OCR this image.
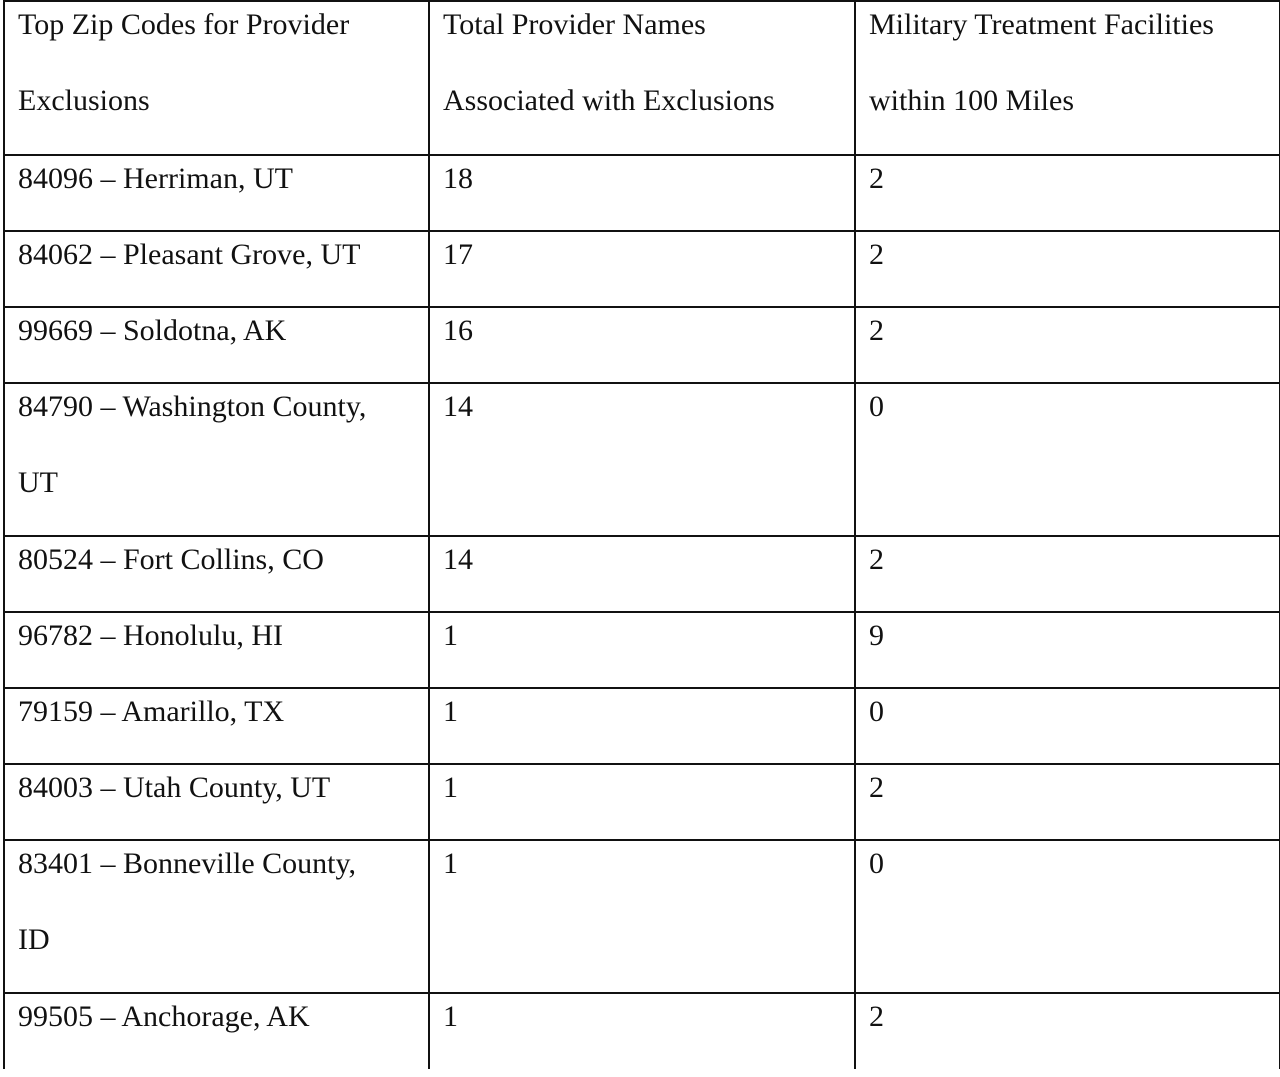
Top Zip Codes for Provider Exclusions	Total Provider Names Associated with Exclusions	Military Treatment Facilities within 100 Miles

84096 – Herriman, UT	18	2

84062 – Pleasant Grove, UT	17	2

99669 – Soldotna, AK	16	2

84790 – Washington County, UT	14	0

80524 – Fort Collins, CO	14	2

96782 – Honolulu, HI	1	9

79159 – Amarillo, TX	1	0

84003 – Utah County, UT	1	2

83401 – Bonneville County, ID	1	0

99505 – Anchorage, AK	1	2
